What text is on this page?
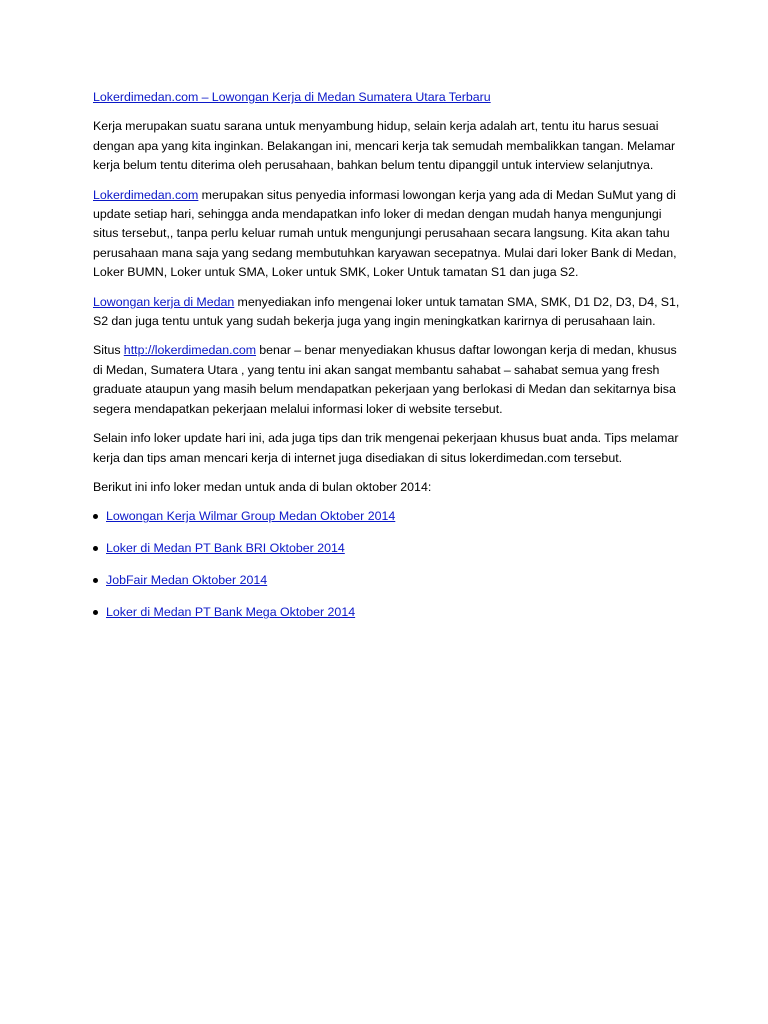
Lokerdimedan.com – Lowongan Kerja di Medan Sumatera Utara Terbaru

Kerja merupakan suatu sarana untuk menyambung hidup, selain kerja adalah art, tentu itu harus sesuai dengan apa yang kita inginkan. Belakangan ini, mencari kerja tak semudah membalikkan tangan. Melamar kerja belum tentu diterima oleh perusahaan, bahkan belum tentu dipanggil untuk interview selanjutnya.

Lokerdimedan.com merupakan situs penyedia informasi lowongan kerja yang ada di Medan SuMut yang di update setiap hari, sehingga anda mendapatkan info loker di medan dengan mudah hanya mengunjungi situs tersebut,, tanpa perlu keluar rumah untuk mengunjungi perusahaan secara langsung. Kita akan tahu perusahaan mana saja yang sedang membutuhkan karyawan secepatnya. Mulai dari loker Bank di Medan, Loker BUMN, Loker untuk SMA, Loker untuk SMK, Loker Untuk tamatan S1 dan juga S2.

Lowongan kerja di Medan menyediakan info mengenai loker untuk tamatan SMA, SMK, D1 D2, D3, D4, S1, S2 dan juga tentu untuk yang sudah bekerja juga yang ingin meningkatkan karirnya di perusahaan lain.

Situs http://lokerdimedan.com benar – benar menyediakan khusus daftar lowongan kerja di medan, khusus di Medan, Sumatera Utara , yang tentu ini akan sangat membantu sahabat – sahabat semua yang fresh graduate ataupun yang masih belum mendapatkan pekerjaan yang berlokasi di Medan dan sekitarnya bisa segera mendapatkan pekerjaan melalui informasi loker di website tersebut.

Selain info loker update hari ini, ada juga tips dan trik mengenai pekerjaan khusus buat anda. Tips melamar kerja dan tips aman mencari kerja di internet juga disediakan di situs lokerdimedan.com tersebut.

Berikut ini info loker medan untuk anda di bulan oktober 2014:

Lowongan Kerja Wilmar Group Medan Oktober 2014
Loker di Medan PT Bank BRI Oktober 2014
JobFair Medan Oktober 2014
Loker di Medan PT Bank Mega Oktober 2014
